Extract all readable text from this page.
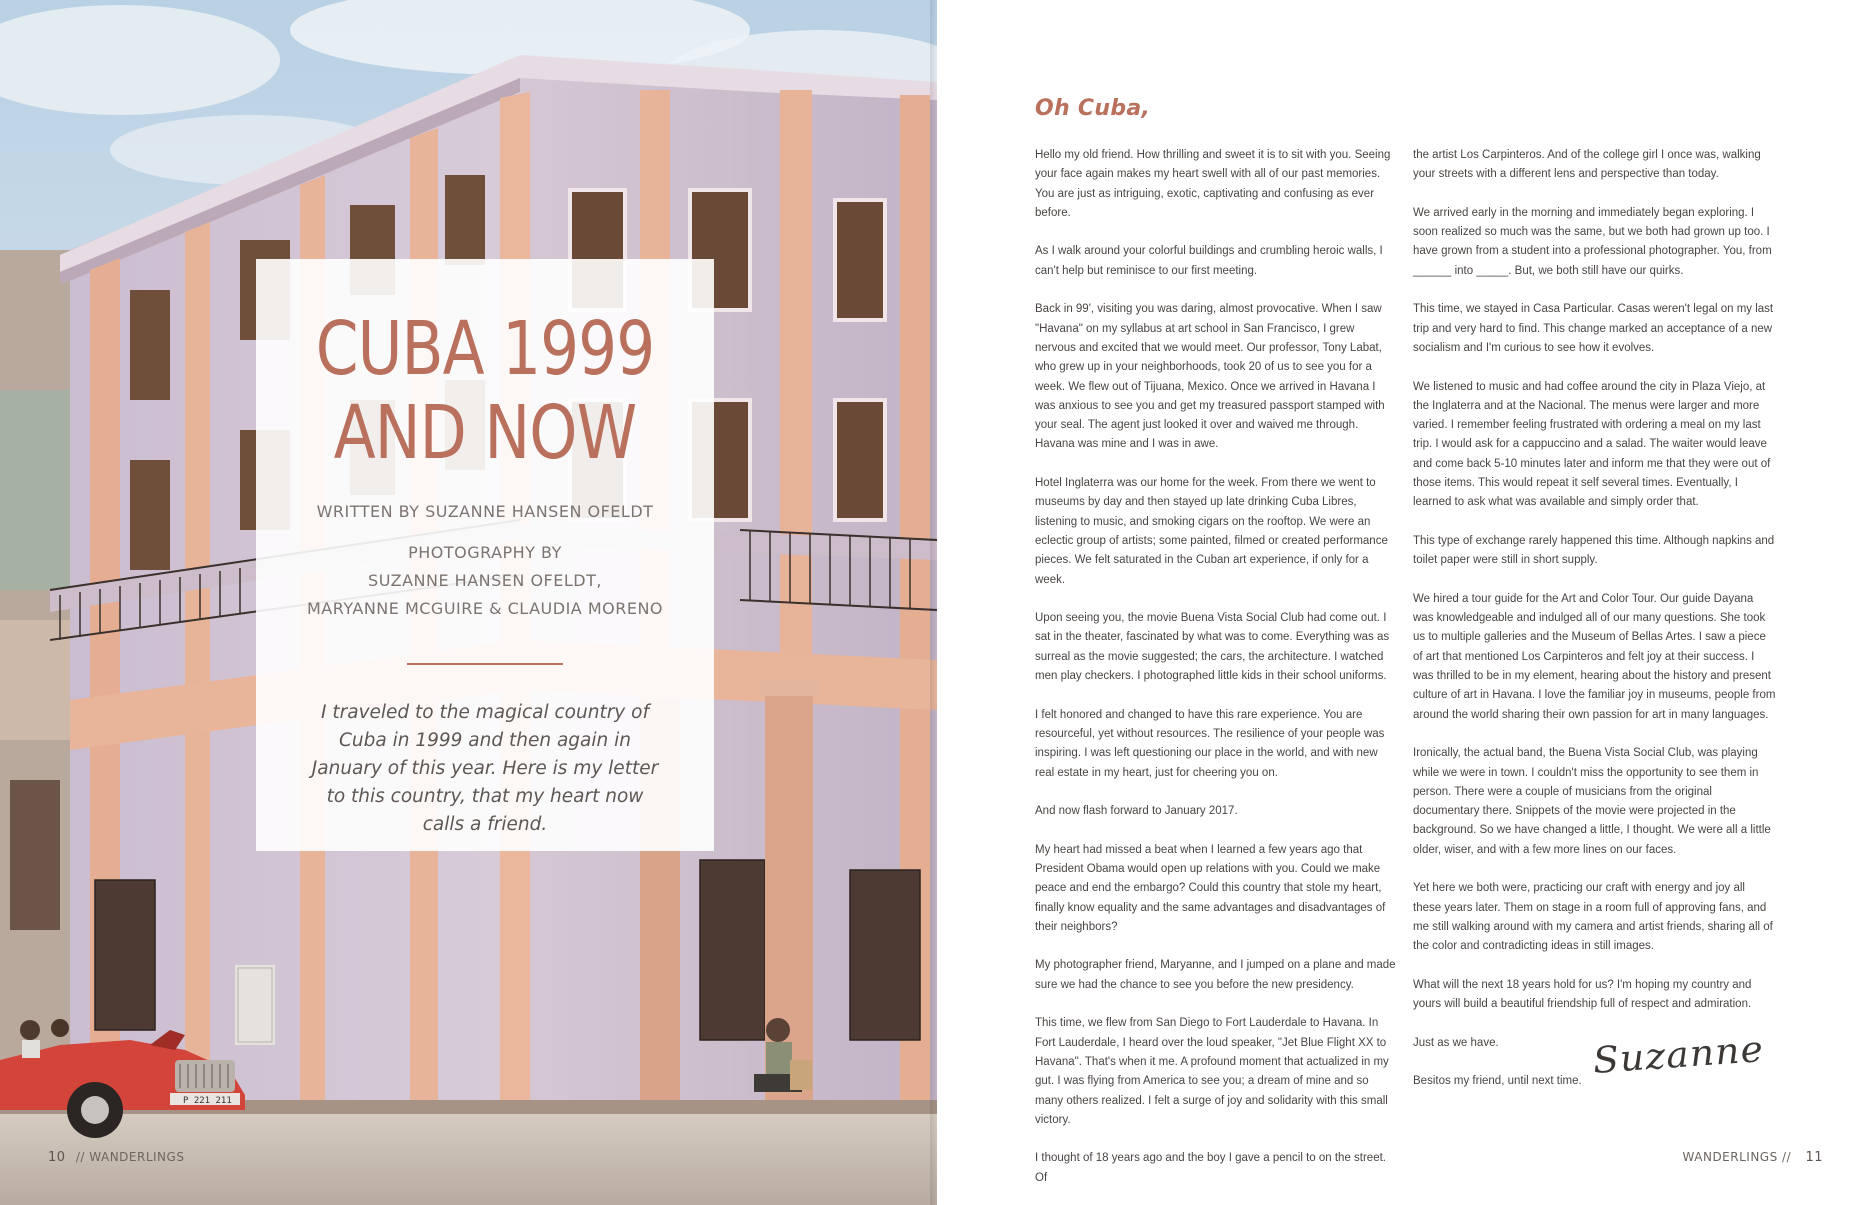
P 221 211
CUBA 1999
AND NOW
WRITTEN BY SUZANNE HANSEN OFELDT

PHOTOGRAPHY BY

SUZANNE HANSEN OFELDT,

MARYANNE MCGUIRE & CLAUDIA MORENO

I traveled to the magical country of Cuba in 1999 and then again in January of this year. Here is my letter to this country, that my heart now calls a friend.

10 // WANDERLINGS
Oh Cuba,

Hello my old friend. How thrilling and sweet it is to sit with you. Seeing your face again makes my heart swell with all of our past memories. You are just as intriguing, exotic, captivating and confusing as ever before.

As I walk around your colorful buildings and crumbling heroic walls, I can't help but reminisce to our first meeting.

Back in 99', visiting you was daring, almost provocative. When I saw "Havana" on my syllabus at art school in San Francisco, I grew nervous and excited that we would meet. Our professor, Tony Labat, who grew up in your neighborhoods, took 20 of us to see you for a week. We flew out of Tijuana, Mexico. Once we arrived in Havana I was anxious to see you and get my treasured passport stamped with your seal. The agent just looked it over and waived me through. Havana was mine and I was in awe.

Hotel Inglaterra was our home for the week. From there we went to museums by day and then stayed up late drinking Cuba Libres, listening to music, and smoking cigars on the rooftop. We were an eclectic group of artists; some painted, filmed or created performance pieces. We felt saturated in the Cuban art experience, if only for a week.

Upon seeing you, the movie Buena Vista Social Club had come out. I sat in the theater, fascinated by what was to come. Everything was as surreal as the movie suggested; the cars, the architecture. I watched men play checkers. I photographed little kids in their school uniforms.

I felt honored and changed to have this rare experience. You are resourceful, yet without resources. The resilience of your people was inspiring. I was left questioning our place in the world, and with new real estate in my heart, just for cheering you on.

And now flash forward to January 2017.

My heart had missed a beat when I learned a few years ago that President Obama would open up relations with you. Could we make peace and end the embargo? Could this country that stole my heart, finally know equality and the same advantages and disadvantages of their neighbors?

My photographer friend, Maryanne, and I jumped on a plane and made sure we had the chance to see you before the new presidency.

This time, we flew from San Diego to Fort Lauderdale to Havana. In Fort Lauderdale, I heard over the loud speaker, "Jet Blue Flight XX to Havana". That's when it me. A profound moment that actualized in my gut. I was flying from America to see you; a dream of mine and so many others realized. I felt a surge of joy and solidarity with this small victory.

I thought of 18 years ago and the boy I gave a pencil to on the street. Of

the artist Los Carpinteros. And of the college girl I once was, walking your streets with a different lens and perspective than today.

We arrived early in the morning and immediately began exploring. I soon realized so much was the same, but we both had grown up too. I have grown from a student into a professional photographer. You, from ______ into _____. But, we both still have our quirks.

This time, we stayed in Casa Particular. Casas weren't legal on my last trip and very hard to find. This change marked an acceptance of a new socialism and I'm curious to see how it evolves.

We listened to music and had coffee around the city in Plaza Viejo, at the Inglaterra and at the Nacional. The menus were larger and more varied. I remember feeling frustrated with ordering a meal on my last trip. I would ask for a cappuccino and a salad. The waiter would leave and come back 5-10 minutes later and inform me that they were out of those items. This would repeat it self several times. Eventually, I learned to ask what was available and simply order that.

This type of exchange rarely happened this time. Although napkins and toilet paper were still in short supply.

We hired a tour guide for the Art and Color Tour. Our guide Dayana was knowledgeable and indulged all of our many questions. She took us to multiple galleries and the Museum of Bellas Artes. I saw a piece of art that mentioned Los Carpinteros and felt joy at their success. I was thrilled to be in my element, hearing about the history and present culture of art in Havana. I love the familiar joy in museums, people from around the world sharing their own passion for art in many languages.

Ironically, the actual band, the Buena Vista Social Club, was playing while we were in town. I couldn't miss the opportunity to see them in person. There were a couple of musicians from the original documentary there. Snippets of the movie were projected in the background. So we have changed a little, I thought. We were all a little older, wiser, and with a few more lines on our faces.

Yet here we both were, practicing our craft with energy and joy all these years later. Them on stage in a room full of approving fans, and me still walking around with my camera and artist friends, sharing all of the color and contradicting ideas in still images.

What will the next 18 years hold for us? I'm hoping my country and yours will build a beautiful friendship full of respect and admiration.

Just as we have.

Besitos my friend, until next time. Suzanne
WANDERLINGS // 11
